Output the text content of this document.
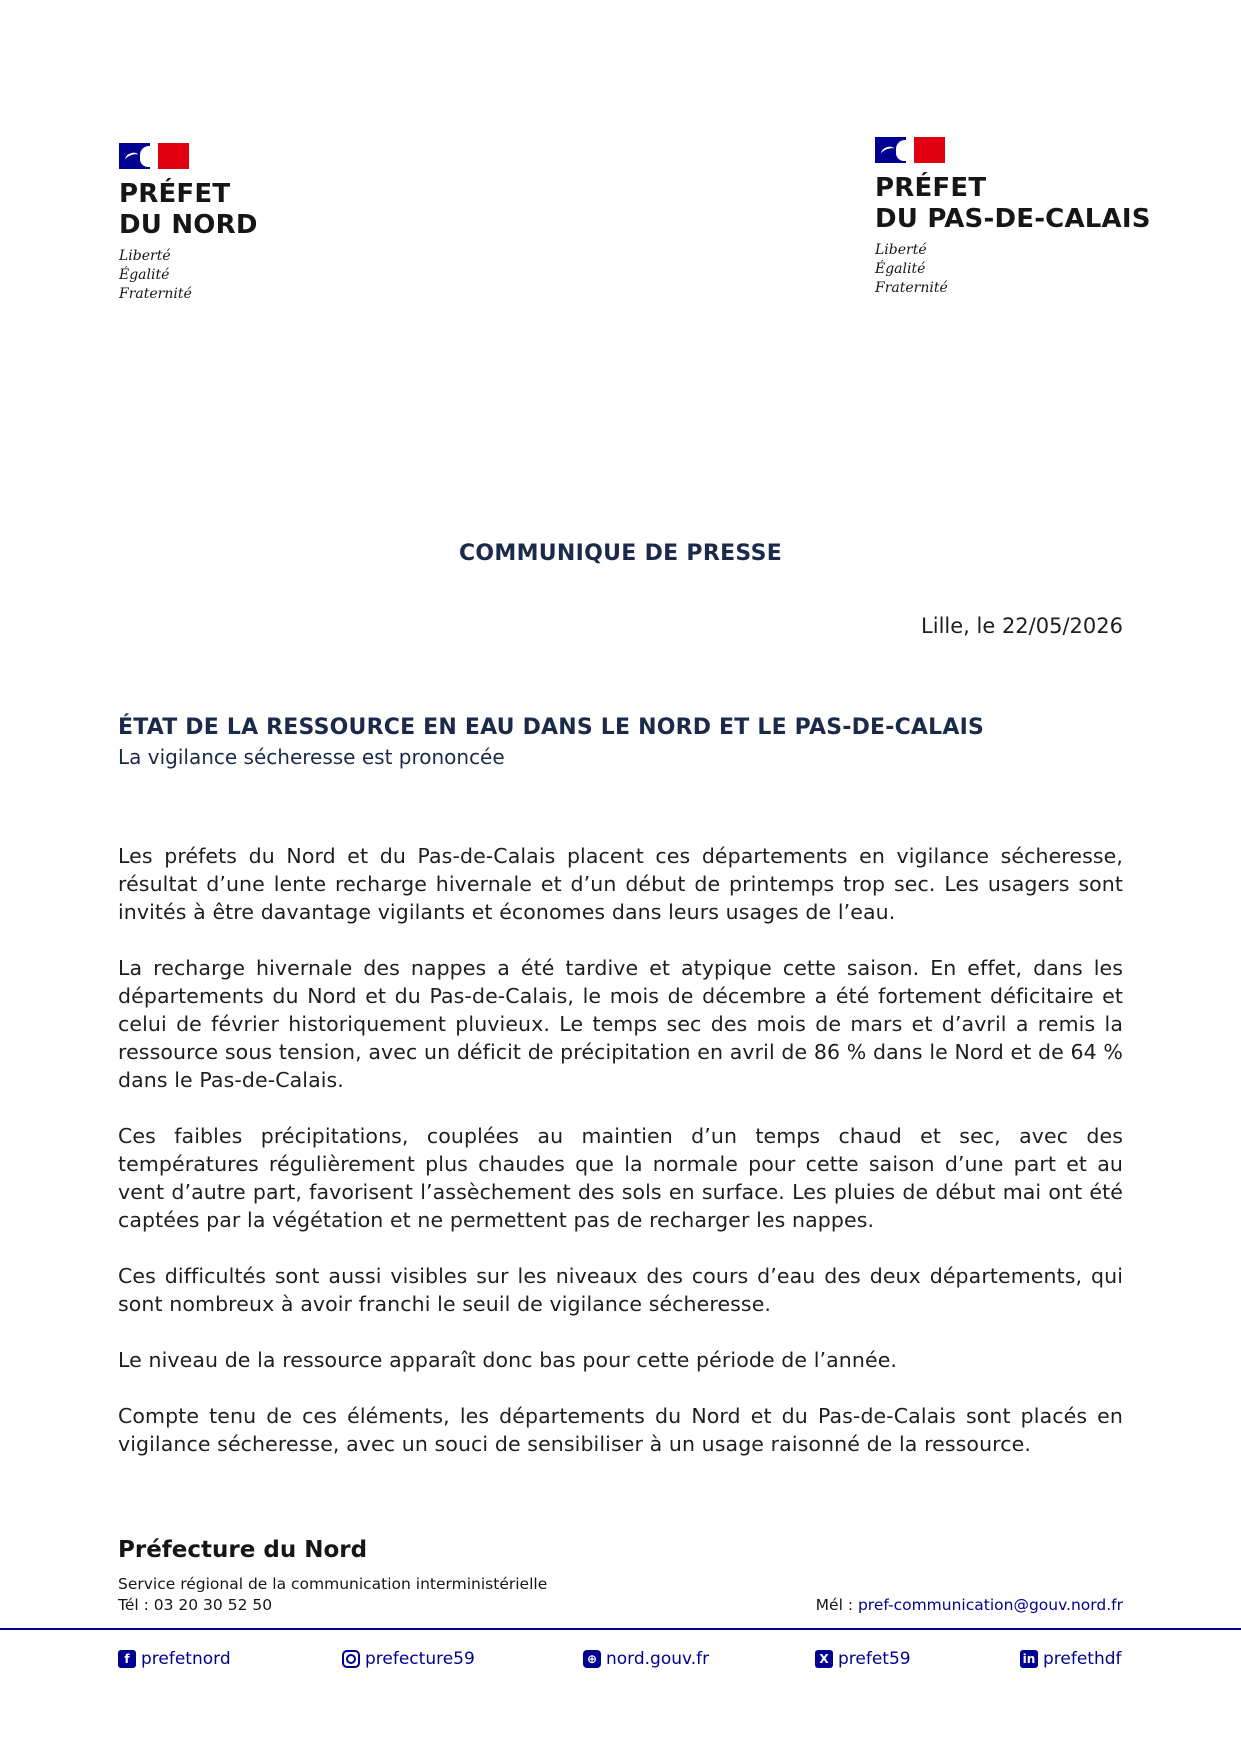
PRÉFET
DU NORD
Liberté
Égalité
Fraternité
PRÉFET
DU PAS-DE-CALAIS
Liberté
Égalité
Fraternité
COMMUNIQUE DE PRESSE
Lille, le 22/05/2026
ÉTAT DE LA RESSOURCE EN EAU DANS LE NORD ET LE PAS-DE-CALAIS
La vigilance sécheresse est prononcée

Les préfets du Nord et du Pas-de-Calais placent ces départements en vigilance sécheresse, résultat d’une lente recharge hivernale et d’un début de printemps trop sec. Les usagers sont invités à être davantage vigilants et économes dans leurs usages de l’eau.

La recharge hivernale des nappes a été tardive et atypique cette saison. En effet, dans les départements du Nord et du Pas-de-Calais, le mois de décembre a été fortement déficitaire et celui de février historiquement pluvieux. Le temps sec des mois de mars et d’avril a remis la ressource sous tension, avec un déficit de précipitation en avril de 86 % dans le Nord et de 64 % dans le Pas-de-Calais.

Ces faibles précipitations, couplées au maintien d’un temps chaud et sec, avec des températures régulièrement plus chaudes que la normale pour cette saison d’une part et au vent d’autre part, favorisent l’assèchement des sols en surface. Les pluies de début mai ont été captées par la végétation et ne permettent pas de recharger les nappes.

Ces difficultés sont aussi visibles sur les niveaux des cours d’eau des deux départements, qui sont nombreux à avoir franchi le seuil de vigilance sécheresse.

Le niveau de la ressource apparaît donc bas pour cette période de l’année.

Compte tenu de ces éléments, les départements du Nord et du Pas-de-Calais sont placés en vigilance sécheresse, avec un souci de sensibiliser à un usage raisonné de la ressource.

Préfecture du Nord
Service régional de la communication interministérielle
Tél : 03 20 30 52 50	Mél : pref-communication@gouv.nord.fr
f prefetnord	prefecture59	⊕ nord.gouv.fr	X prefet59	in prefethdf
